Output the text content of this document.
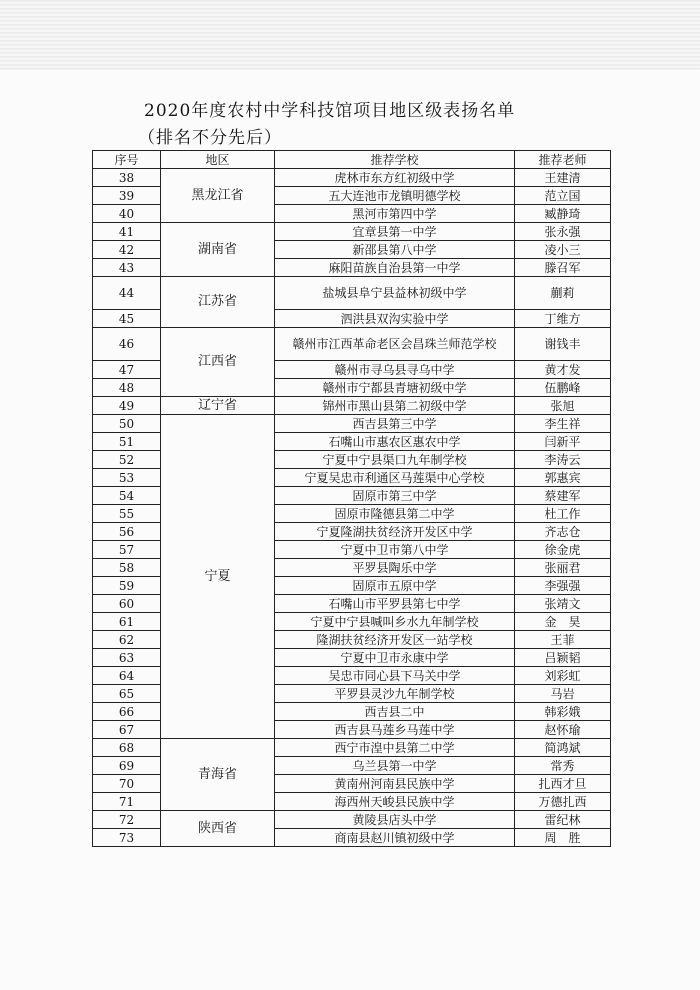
2020年度农村中学科技馆项目地区级表扬名单
（排名不分先后）
序号	地区	推荐学校	推荐老师
38	黑龙江省	虎林市东方红初级中学	王建清
39		五大连池市龙镇明德学校	范立国
40		黑河市第四中学	臧静琦
41	湖南省	宜章县第一中学	张永强
42		新邵县第八中学	凌小三
43		麻阳苗族自治县第一中学	滕召军
44	江苏省	盐城县阜宁县益林初级中学	蒯莉
45		泗洪县双沟实验中学	丁维方
46	江西省	赣州市江西革命老区会昌珠兰师范学校	谢钱丰
47		赣州市寻乌县寻乌中学	黄才发
48		赣州市宁都县青塘初级中学	伍鹏峰
49	辽宁省	锦州市黑山县第二初级中学	张旭
50	宁夏	西吉县第三中学	李生祥
51		石嘴山市惠农区惠农中学	闫新平
52		宁夏中宁县渠口九年制学校	李涛云
53		宁夏吴忠市利通区马莲渠中心学校	郭惠宾
54		固原市第三中学	蔡建军
55		固原市隆德县第二中学	杜工作
56		宁夏隆湖扶贫经济开发区中学	齐志仓
57		宁夏中卫市第八中学	徐金虎
58		平罗县陶乐中学	张丽君
59		固原市五原中学	李强强
60		石嘴山市平罗县第七中学	张靖文
61		宁夏中宁县喊叫乡水九年制学校	金　昊
62		隆湖扶贫经济开发区一站学校	王菲
63		宁夏中卫市永康中学	吕颖韬
64		吴忠市同心县下马关中学	刘彩虹
65		平罗县灵沙九年制学校	马岩
66		西吉县二中	韩彩娥
67		西吉县马莲乡马莲中学	赵怀瑜
68	青海省	西宁市湟中县第二中学	简鸿斌
69		乌兰县第一中学	常秀
70		黄南州河南县民族中学	扎西才旦
71		海西州天峻县民族中学	万德扎西
72	陕西省	黄陵县店头中学	雷纪林
73		商南县赵川镇初级中学	周　胜
